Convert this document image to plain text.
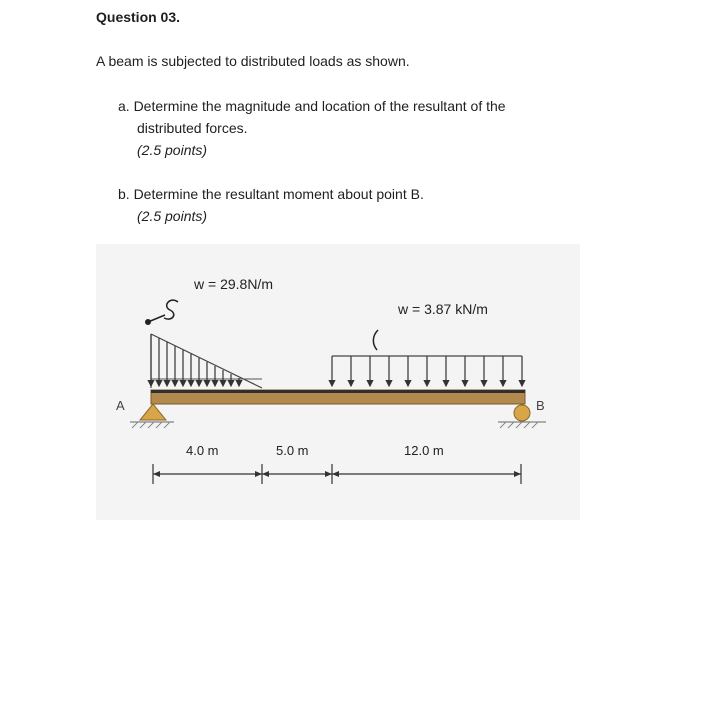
Question 03.
A beam is subjected to distributed loads as shown.
a. Determine the magnitude and location of the resultant of the
distributed forces.
(2.5 points)
b. Determine the resultant moment about point B.
(2.5 points)
w = 29.8N/m
w = 3.87 kN/m
A	B
4.0 m	5.0 m	12.0 m
